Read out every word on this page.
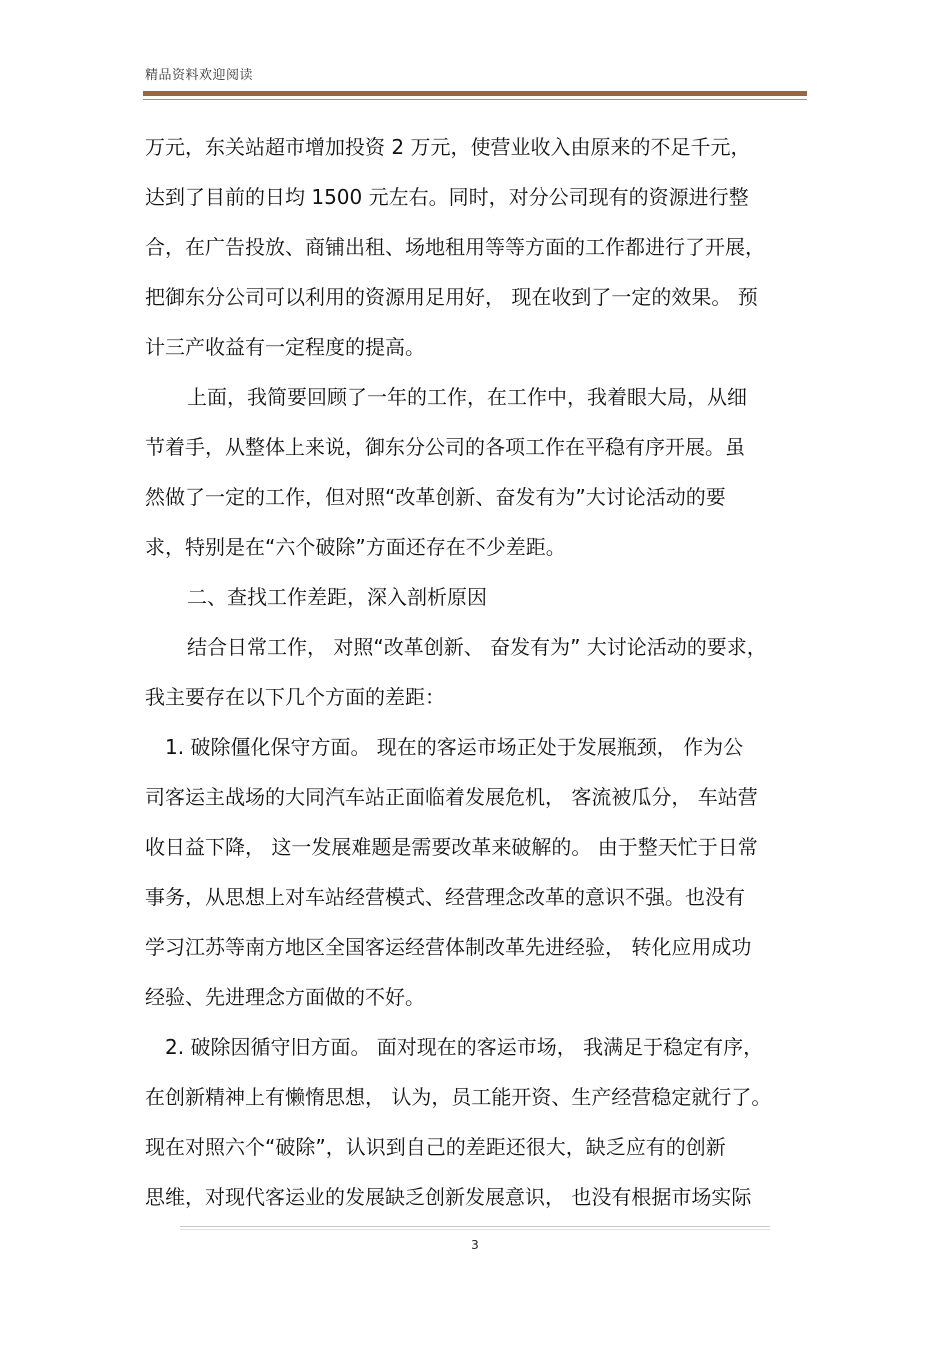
精品资料欢迎阅读
万元，东关站超市增加投资 2 万元，使营业收入由原来的不足千元，
达到了目前的日均 1500 元左右。同时，对分公司现有的资源进行整
合，在广告投放、商铺出租、场地租用等等方面的工作都进行了开展，
把御东分公司可以利用的资源用足用好， 现在收到了一定的效果。 预
计三产收益有一定程度的提高。
上面，我简要回顾了一年的工作，在工作中，我着眼大局，从细
节着手，从整体上来说，御东分公司的各项工作在平稳有序开展。虽
然做了一定的工作，但对照“改革创新、奋发有为”大讨论活动的要
求，特别是在“六个破除”方面还存在不少差距。
二、查找工作差距，深入剖析原因
结合日常工作， 对照“改革创新、 奋发有为” 大讨论活动的要求，
我主要存在以下几个方面的差距：
1. 破除僵化保守方面。 现在的客运市场正处于发展瓶颈， 作为公
司客运主战场的大同汽车站正面临着发展危机， 客流被瓜分， 车站营
收日益下降， 这一发展难题是需要改革来破解的。 由于整天忙于日常
事务，从思想上对车站经营模式、经营理念改革的意识不强。也没有
学习江苏等南方地区全国客运经营体制改革先进经验， 转化应用成功
经验、先进理念方面做的不好。
2. 破除因循守旧方面。 面对现在的客运市场， 我满足于稳定有序，
在创新精神上有懒惰思想， 认为，员工能开资、生产经营稳定就行了。
现在对照六个“破除”，认识到自己的差距还很大，缺乏应有的创新
思维，对现代客运业的发展缺乏创新发展意识， 也没有根据市场实际
3
